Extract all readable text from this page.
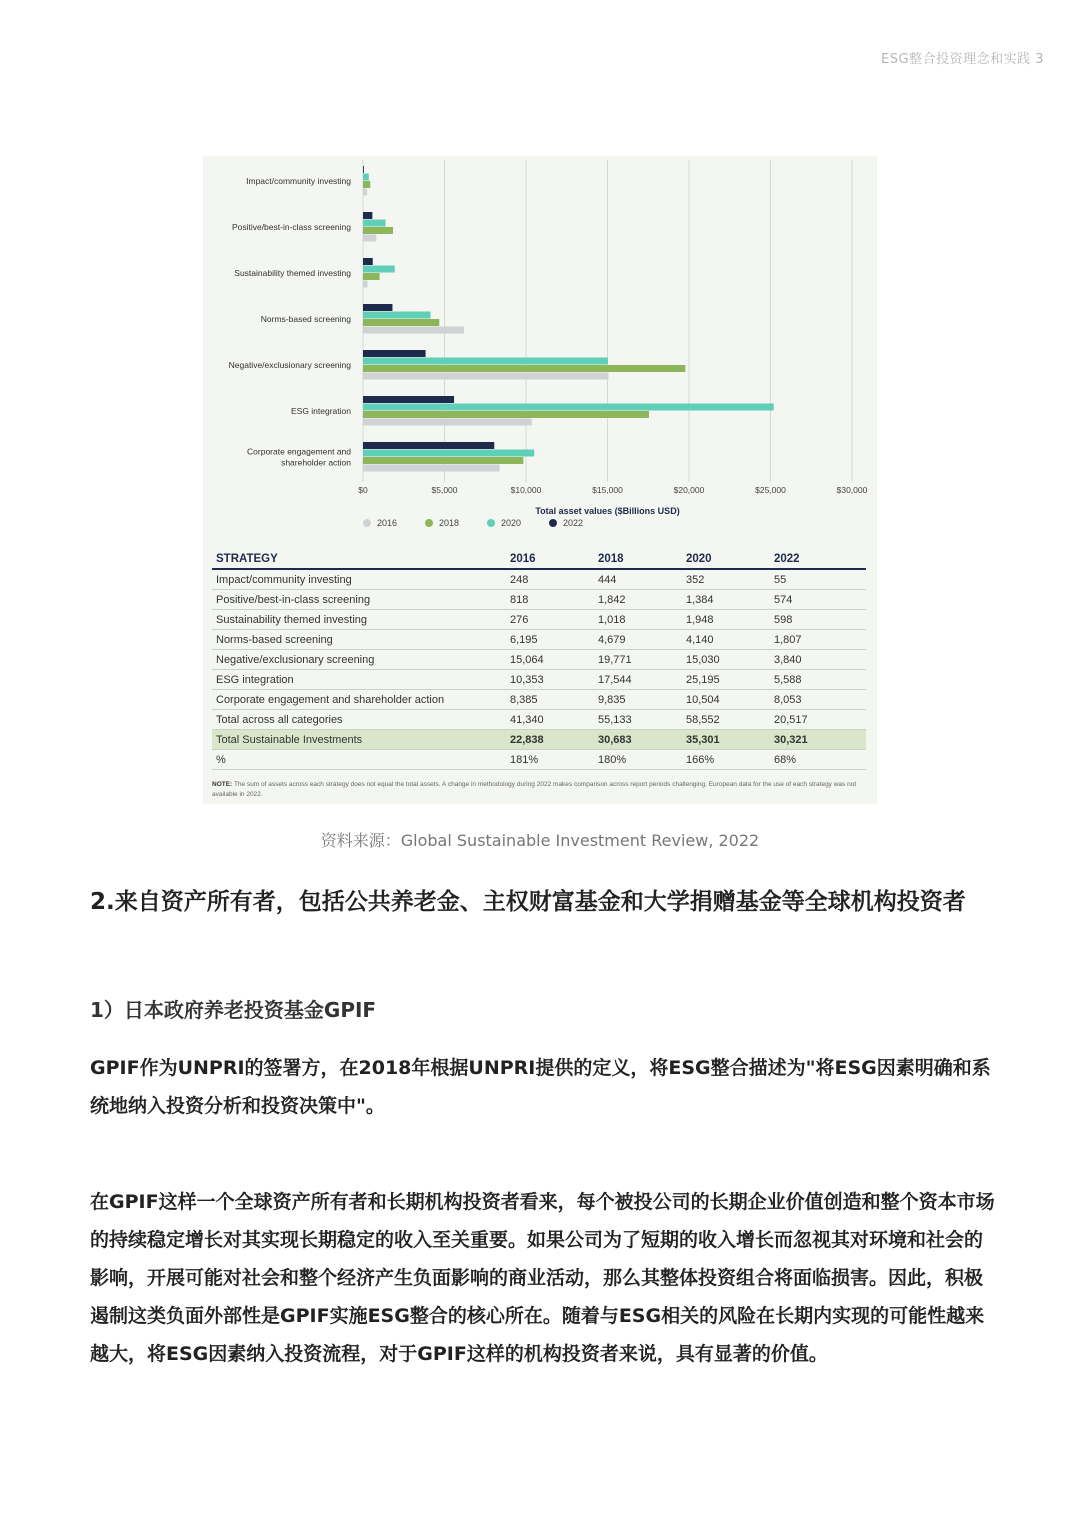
ESG整合投资理念和实践 3
$0	$5,000	$10,000	$15,000	$20,000	$25,000	$30,000
Total asset values ($Billions USD)
Impact/community investing
Positive/best-in-class screening
Sustainability themed investing
Norms-based screening
Negative/exclusionary screening
ESG integration
Corporate engagement and
shareholder action
2016	2018	2020	2022
STRATEGY	2016	2018	2020	2022
Impact/community investing	248	444	352	55
Positive/best-in-class screening	818	1,842	1,384	574
Sustainability themed investing	276	1,018	1,948	598
Norms-based screening	6,195	4,679	4,140	1,807
Negative/exclusionary screening	15,064	19,771	15,030	3,840
ESG integration	10,353	17,544	25,195	5,588
Corporate engagement and shareholder action	8,385	9,835	10,504	8,053
Total across all categories	41,340	55,133	58,552	20,517
Total Sustainable Investments	22,838	30,683	35,301	30,321
%	181%	180%	166%	68%
NOTE: The sum of assets across each strategy does not equal the total assets. A change in methodology during 2022 makes comparison across report periods challenging. European data for the use of each strategy was not available in 2022.
资料来源：Global Sustainable Investment Review, 2022
2.来自资产所有者，包括公共养老金、主权财富基金和大学捐赠基金等全球机构投资者
1）日本政府养老投资基金GPIF
GPIF作为UNPRI的签署方，在2018年根据UNPRI提供的定义，将ESG整合描述为"将ESG因素明确和系统地纳入投资分析和投资决策中"。
在GPIF这样一个全球资产所有者和长期机构投资者看来，每个被投公司的长期企业价值创造和整个资本市场的持续稳定增长对其实现长期稳定的收入至关重要。如果公司为了短期的收入增长而忽视其对环境和社会的影响，开展可能对社会和整个经济产生负面影响的商业活动，那么其整体投资组合将面临损害。因此，积极遏制这类负面外部性是GPIF实施ESG整合的核心所在。随着与ESG相关的风险在长期内实现的可能性越来越大，将ESG因素纳入投资流程，对于GPIF这样的机构投资者来说，具有显著的价值。
